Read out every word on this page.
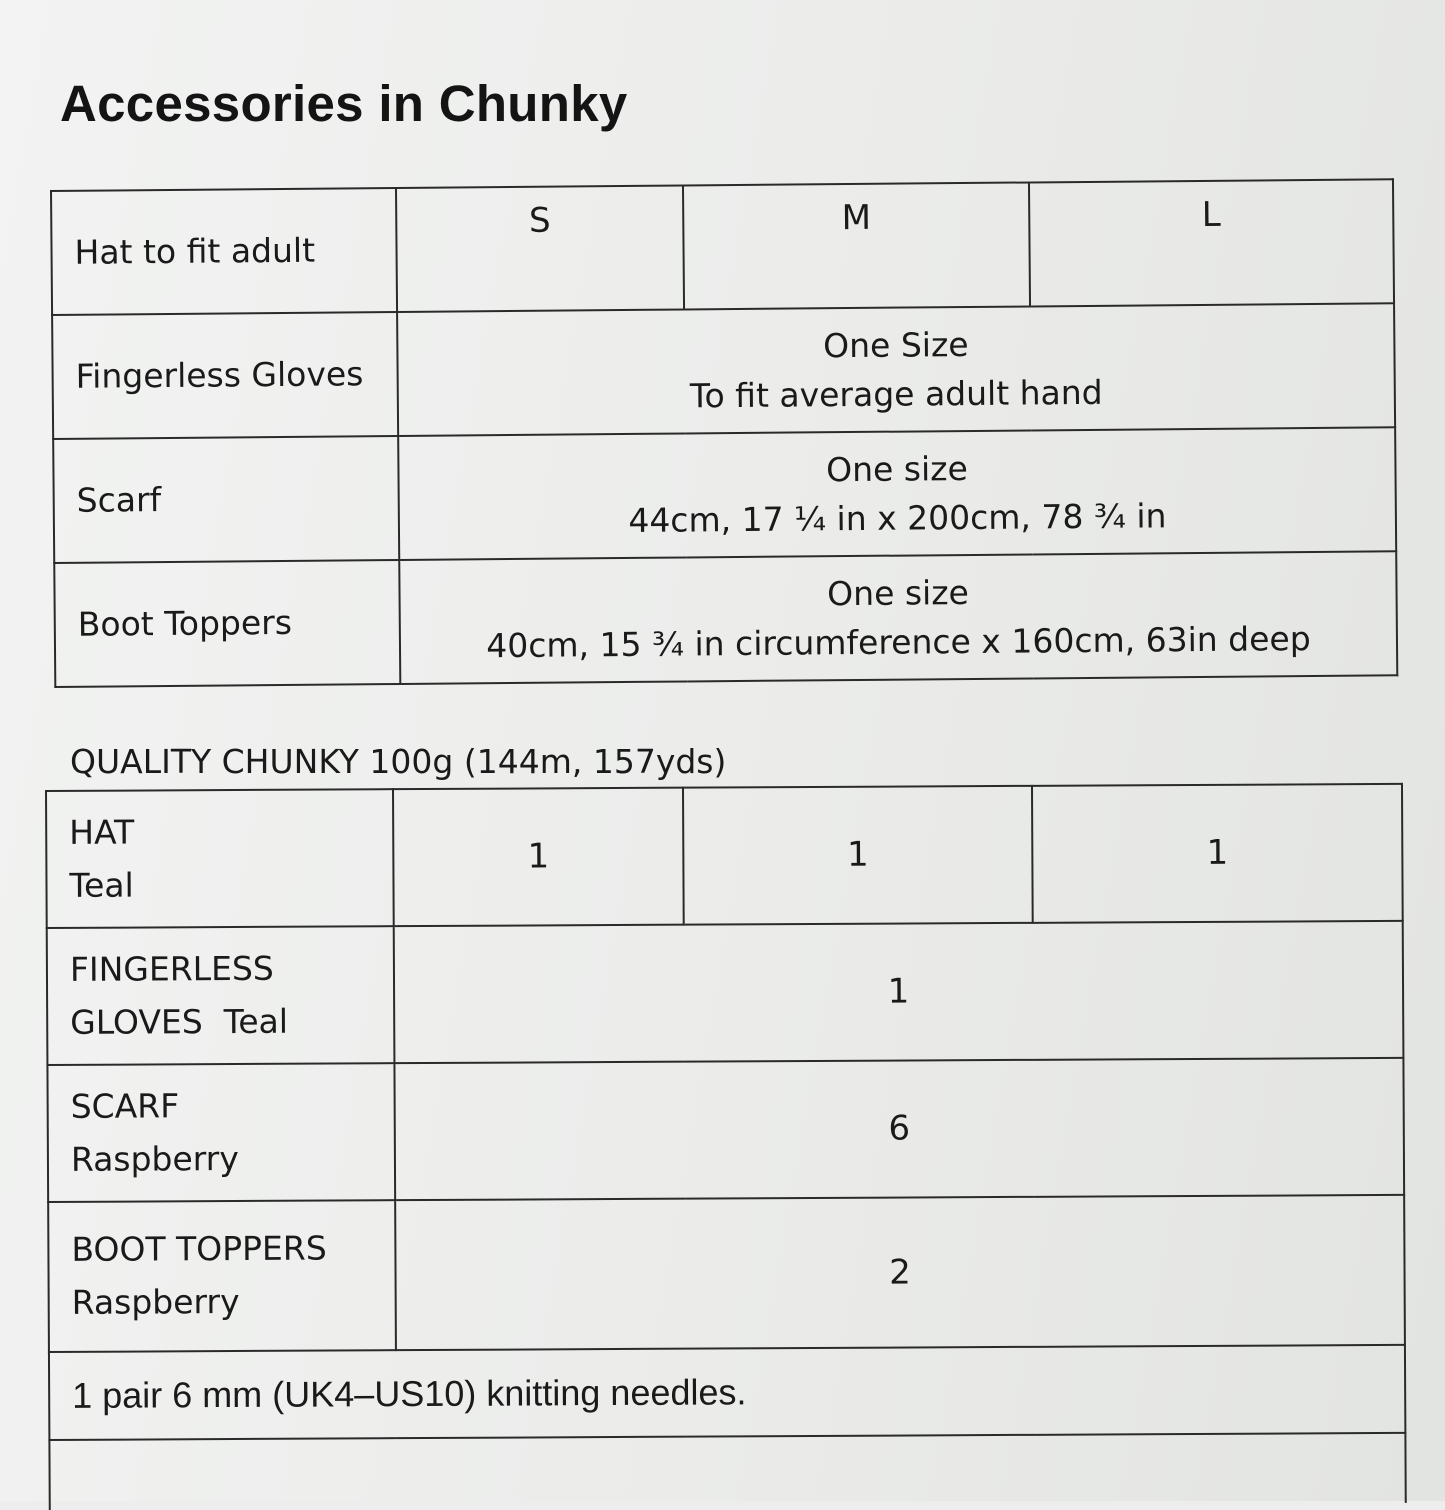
Accessories in Chunky
Hat to fit adult	S	M	L
Fingerless Gloves	One Size
To fit average adult hand		

Scarf	One size
44cm, 17 ¼ in x 200cm, 78 ¾ in		

Boot Toppers	One size
40cm, 15 ¾ in circumference x 160cm, 63in deep		
QUALITY CHUNKY 100g (144m, 157yds)
HAT
Teal	1	1	1

FINGERLESS
GLOVES  Teal	1		

SCARF
Raspberry	6		

BOOT TOPPERS
Raspberry	2		
1 pair 6 mm (UK4–US10) knitting needles.			
